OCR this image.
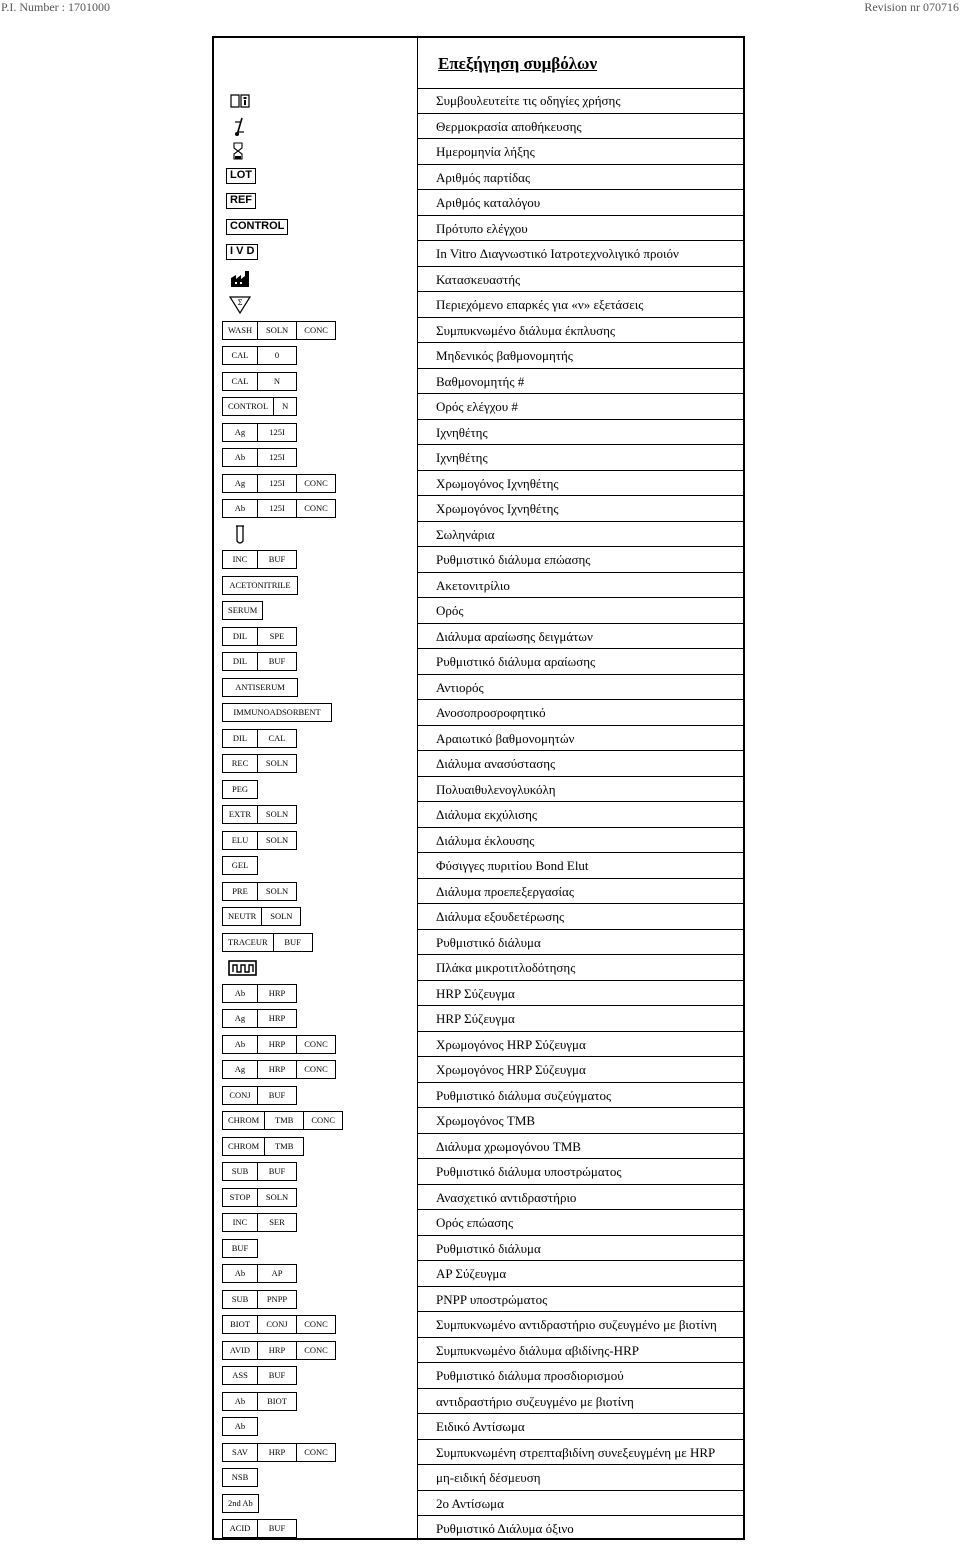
P.I. Number : 1701000	Revision nr 070716
Επεξήγηση συμβόλων
Συμβουλευτείτε τις οδηγίες χρήσης
Θερμοκρασία αποθήκευσης
Ημερομηνία λήξης
LOT	Αριθμός παρτίδας
REF	Αριθμός καταλόγου
CONTROL	Πρότυπο ελέγχου
I V D	In Vitro Διαγνωστικό Ιατροτεχνολιγικό προιόν
Κατασκευαστής
Σ	Περιεχόμενο επαρκές για «ν» εξετάσεις
WASH	SOLN	CONC	Συμπυκνωμένο διάλυμα έκπλυσης
CAL	0	Μηδενικός βαθμονομητής
CAL	N	Βαθμονομητής #
CONTROL	N	Ορός ελέγχου #
Ag	125I	Ιχνηθέτης
Ab	125I	Ιχνηθέτης
Ag	125I	CONC	Χρωμογόνος Ιχνηθέτης
Ab	125I	CONC	Χρωμογόνος Ιχνηθέτης
Σωληνάρια
INC	BUF	Ρυθμιστικό διάλυμα επώασης
ACETONITRILE	Ακετονιτρίλιο
SERUM	Ορός
DIL	SPE	Διάλυμα αραίωσης δειγμάτων
DIL	BUF	Ρυθμιστικό διάλυμα αραίωσης
ANTISERUM	Αντιορός
IMMUNOADSORBENT	Ανοσοπροσροφητικό
DIL	CAL	Αραιωτικό βαθμονομητών
REC	SOLN	Διάλυμα ανασύστασης
PEG	Πολυαιθυλενογλυκόλη
EXTR	SOLN	Διάλυμα εκχύλισης
ELU	SOLN	Διάλυμα έκλουσης
GEL	Φύσιγγες πυριτίου Bond Elut
PRE	SOLN	Διάλυμα προεπεξεργασίας
NEUTR	SOLN	Διάλυμα εξουδετέρωσης
TRACEUR	BUF	Ρυθμιστικό διάλυμα
Πλάκα μικροτιτλοδότησης
Ab	HRP	HRP Σύζευγμα
Ag	HRP	HRP Σύζευγμα
Ab	HRP	CONC	Χρωμογόνος HRP Σύζευγμα
Ag	HRP	CONC	Χρωμογόνος HRP Σύζευγμα
CONJ	BUF	Ρυθμιστικό διάλυμα συζεύγματος
CHROM	TMB	CONC	Χρωμογόνος TMB
CHROM	TMB	Διάλυμα χρωμογόνου TMB
SUB	BUF	Ρυθμιστικό διάλυμα υποστρώματος
STOP	SOLN	Ανασχετικό αντιδραστήριο
INC	SER	Ορός επώασης
BUF	Ρυθμιστικό διάλυμα
Ab	AP	AP Σύζευγμα
SUB	PNPP	PNPP υποστρώματος
BIOT	CONJ	CONC	Συμπυκνωμένο αντιδραστήριο συζευγμένο με βιοτίνη
AVID	HRP	CONC	Συμπυκνωμένο διάλυμα αβιδίνης-HRP
ASS	BUF	Ρυθμιστικό διάλυμα προσδιορισμού
Ab	BIOT	αντιδραστήριο συζευγμένο με βιοτίνη
Ab	Ειδικό Αντίσωμα
SAV	HRP	CONC	Συμπυκνωμένη στρεπταβιδίνη συνεξευγμένη με HRP
NSB	μη-ειδική δέσμευση
2nd Ab	2ο Αντίσωμα
ACID	BUF	Ρυθμιστικό Διάλυμα όξινο
